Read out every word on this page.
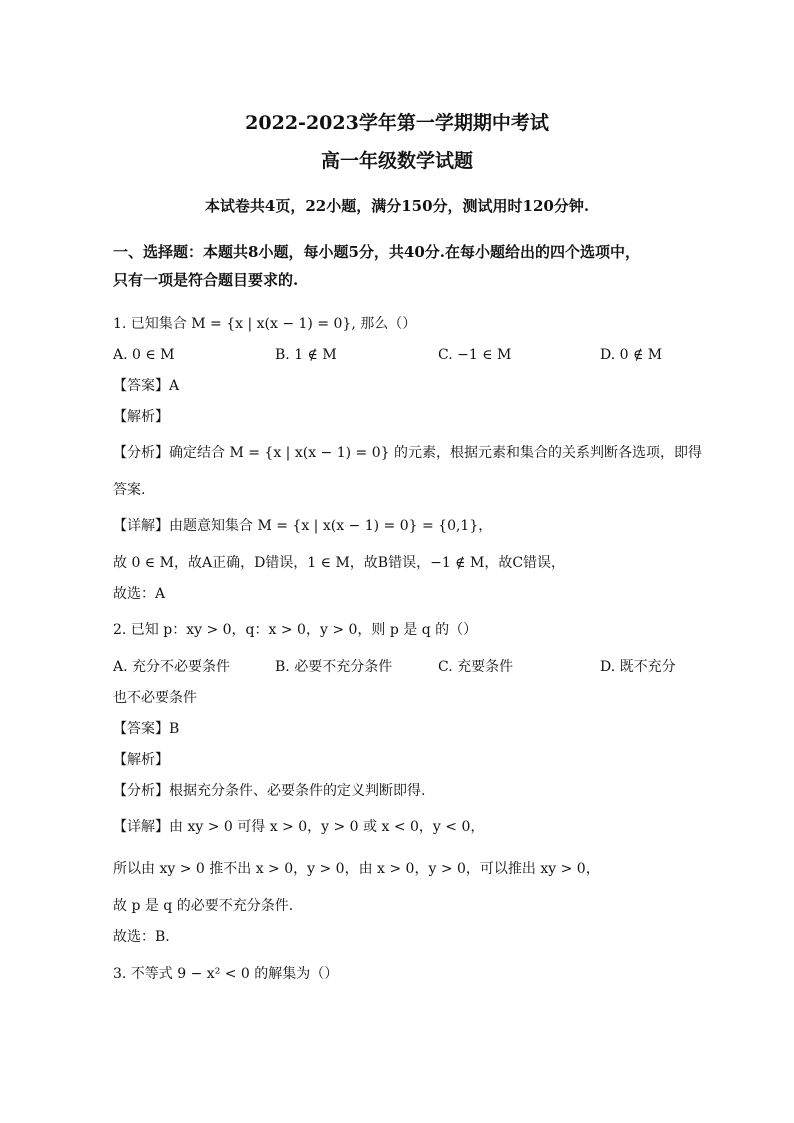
2022-2023学年第一学期期中考试
高一年级数学试题
本试卷共4页，22小题，满分150分，测试用时120分钟.
一、选择题：本题共8小题，每小题5分，共40分.在每小题给出的四个选项中，
只有一项是符合题目要求的.
1. 已知集合 M = {x | x(x − 1) = 0}, 那么（）
A. 0 ∈ M	B. 1 ∉ M	C. −1 ∈ M	D. 0 ∉ M
【答案】A
【解析】
【分析】确定结合 M = {x | x(x − 1) = 0} 的元素，根据元素和集合的关系判断各选项，即得
答案.
【详解】由题意知集合 M = {x | x(x − 1) = 0} = {0,1}，
故 0 ∈ M，故A正确，D错误，1 ∈ M，故B错误，−1 ∉ M，故C错误，
故选：A
2. 已知 p：xy > 0，q：x > 0，y > 0，则 p 是 q 的（）
A. 充分不必要条件	B. 必要不充分条件	C. 充要条件	D. 既不充分
也不必要条件
【答案】B
【解析】
【分析】根据充分条件、必要条件的定义判断即得.
【详解】由 xy > 0 可得 x > 0，y > 0 或 x < 0，y < 0，
所以由 xy > 0 推不出 x > 0，y > 0，由 x > 0，y > 0，可以推出 xy > 0，
故 p 是 q 的必要不充分条件.
故选：B.
3. 不等式 9 − x² < 0 的解集为（）
